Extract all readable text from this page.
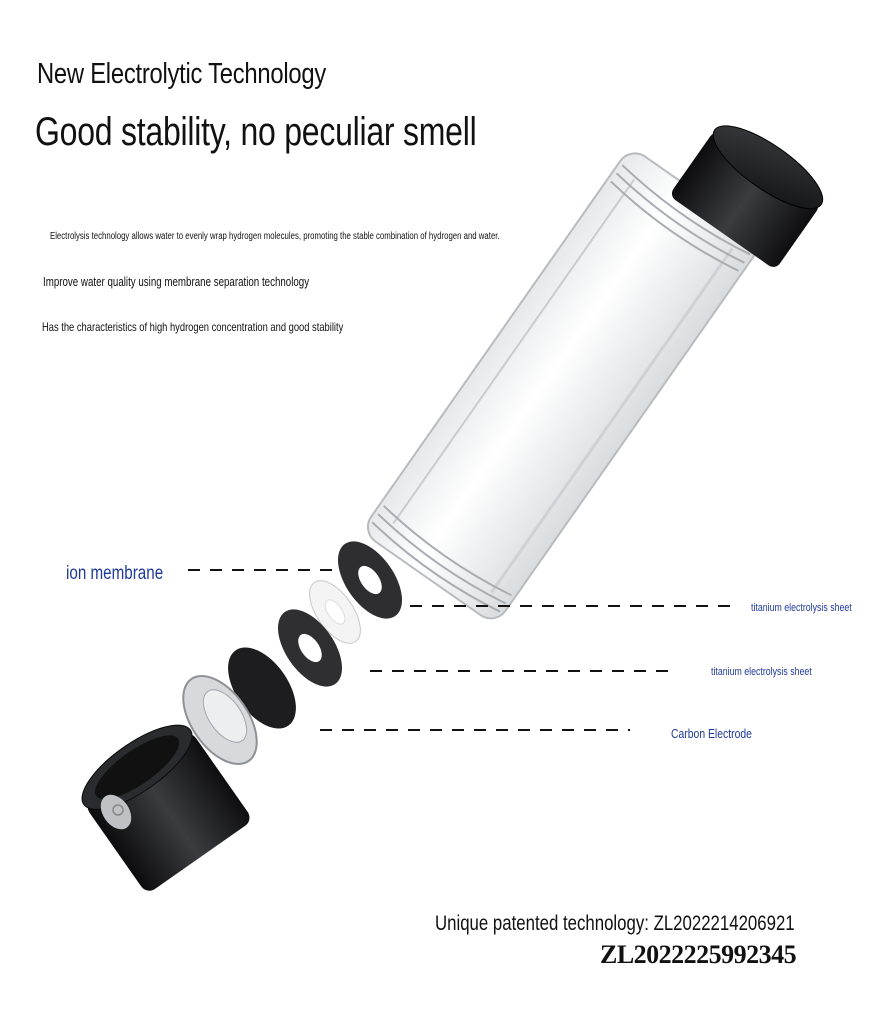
New Electrolytic Technology
Good stability, no peculiar smell
Electrolysis technology allows water to evenly wrap hydrogen molecules, promoting the stable combination of hydrogen and water.
Improve water quality using membrane separation technology
Has the characteristics of high hydrogen concentration and good stability
ion membrane
titanium electrolysis sheet
titanium electrolysis sheet
Carbon Electrode
Unique patented technology: ZL2022214206921
ZL2022225992345
